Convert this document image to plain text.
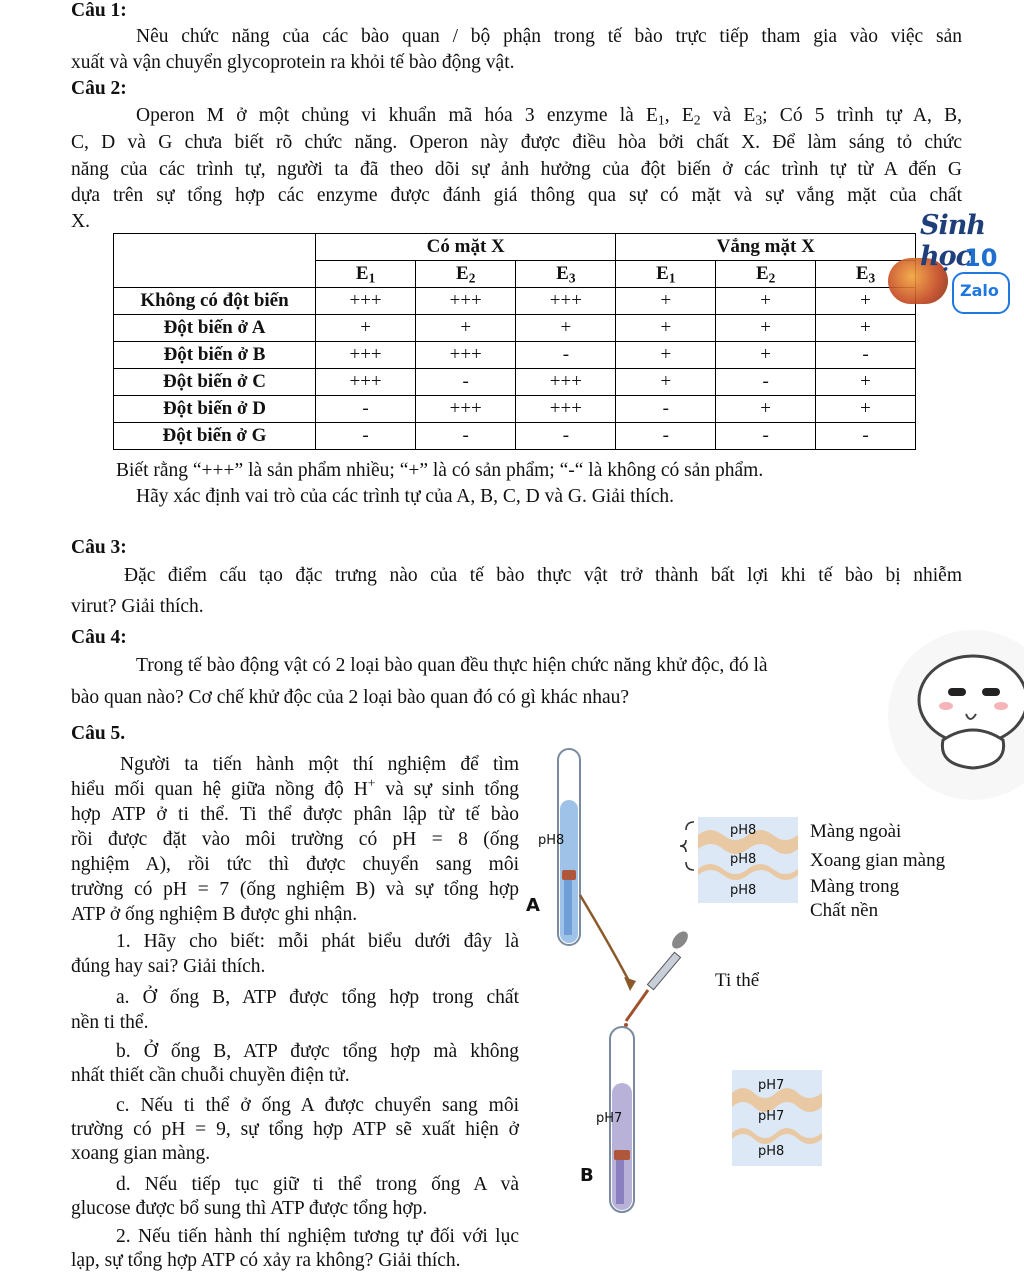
Câu 1:
Nêu chức năng của các bào quan / bộ phận trong tế bào trực tiếp tham gia vào việc sản
xuất và vận chuyển glycoprotein ra khỏi tế bào động vật.
Câu 2:
Operon M ở một chủng vi khuẩn mã hóa 3 enzyme là $E_1$, $E_2$ và $E_3$; Có 5 trình tự A, B,
C, D và G chưa biết rõ chức năng. Operon này được điều hòa bởi chất X. Để làm sáng tỏ chức
năng của các trình tự, người ta đã theo dõi sự ảnh hưởng của đột biến ở các trình tự từ A đến G
dựa trên sự tổng hợp các enzyme được đánh giá thông qua sự có mặt và sự vắng mặt của chất
X.
	Có mặt X			Vắng mặt X		
	$E_1$	$E_2$	$E_3$	$E_1$	$E_2$	$E_3$
Không có đột biến	+++	+++	+++	+	+	+
Đột biến ở A	+	+	+	+	+	+
Đột biến ở B	+++	+++	-	+	+	-
Đột biến ở C	+++	-	+++	+	-	+
Đột biến ở D	-	+++	+++	-	+	+
Đột biến ở G	-	-	-	-	-	-
Sinh học
10
Zalo
Biết rằng “+++” là sản phẩm nhiều; “+” là có sản phẩm; “-“ là không có sản phẩm.
Hãy xác định vai trò của các trình tự của A, B, C, D và G. Giải thích.
Câu 3:
Đặc điểm cấu tạo đặc trưng nào của tế bào thực vật trở thành bất lợi khi tế bào bị nhiễm
virut? Giải thích.
Câu 4:
Trong tế bào động vật có 2 loại bào quan đều thực hiện chức năng khử độc, đó là
bào quan nào? Cơ chế khử độc của 2 loại bào quan đó có gì khác nhau?
Câu 5.
Người ta tiến hành một thí nghiệm để tìm
hiểu mối quan hệ giữa nồng độ H+ và sự sinh tổng
hợp ATP ở ti thể. Ti thể được phân lập từ tế bào
rồi được đặt vào môi trường có pH = 8 (ống
nghiệm A), rồi tức thì được chuyển sang môi
trường có pH = 7 (ống nghiệm B) và sự tổng hợp
ATP ở ống nghiệm B được ghi nhận.
1. Hãy cho biết: mỗi phát biểu dưới đây là
đúng hay sai? Giải thích.
a. Ở ống B, ATP được tổng hợp trong chất
nền ti thể.
b. Ở ống B, ATP được tổng hợp mà không
nhất thiết cần chuỗi chuyền điện tử.
c. Nếu ti thể ở ống A được chuyển sang môi
trường có pH = 9, sự tổng hợp ATP sẽ xuất hiện ở
xoang gian màng.
d. Nếu tiếp tục giữ ti thể trong ống A và
glucose được bổ sung thì ATP được tổng hợp.
2. Nếu tiến hành thí nghiệm tương tự đối với lục
lạp, sự tổng hợp ATP có xảy ra không? Giải thích.
pH8
A
pH7
B
pH8
pH8
pH8
pH7
pH7
pH8
Màng ngoài
Xoang gian màng
Màng trong
Chất nền
Ti thể
